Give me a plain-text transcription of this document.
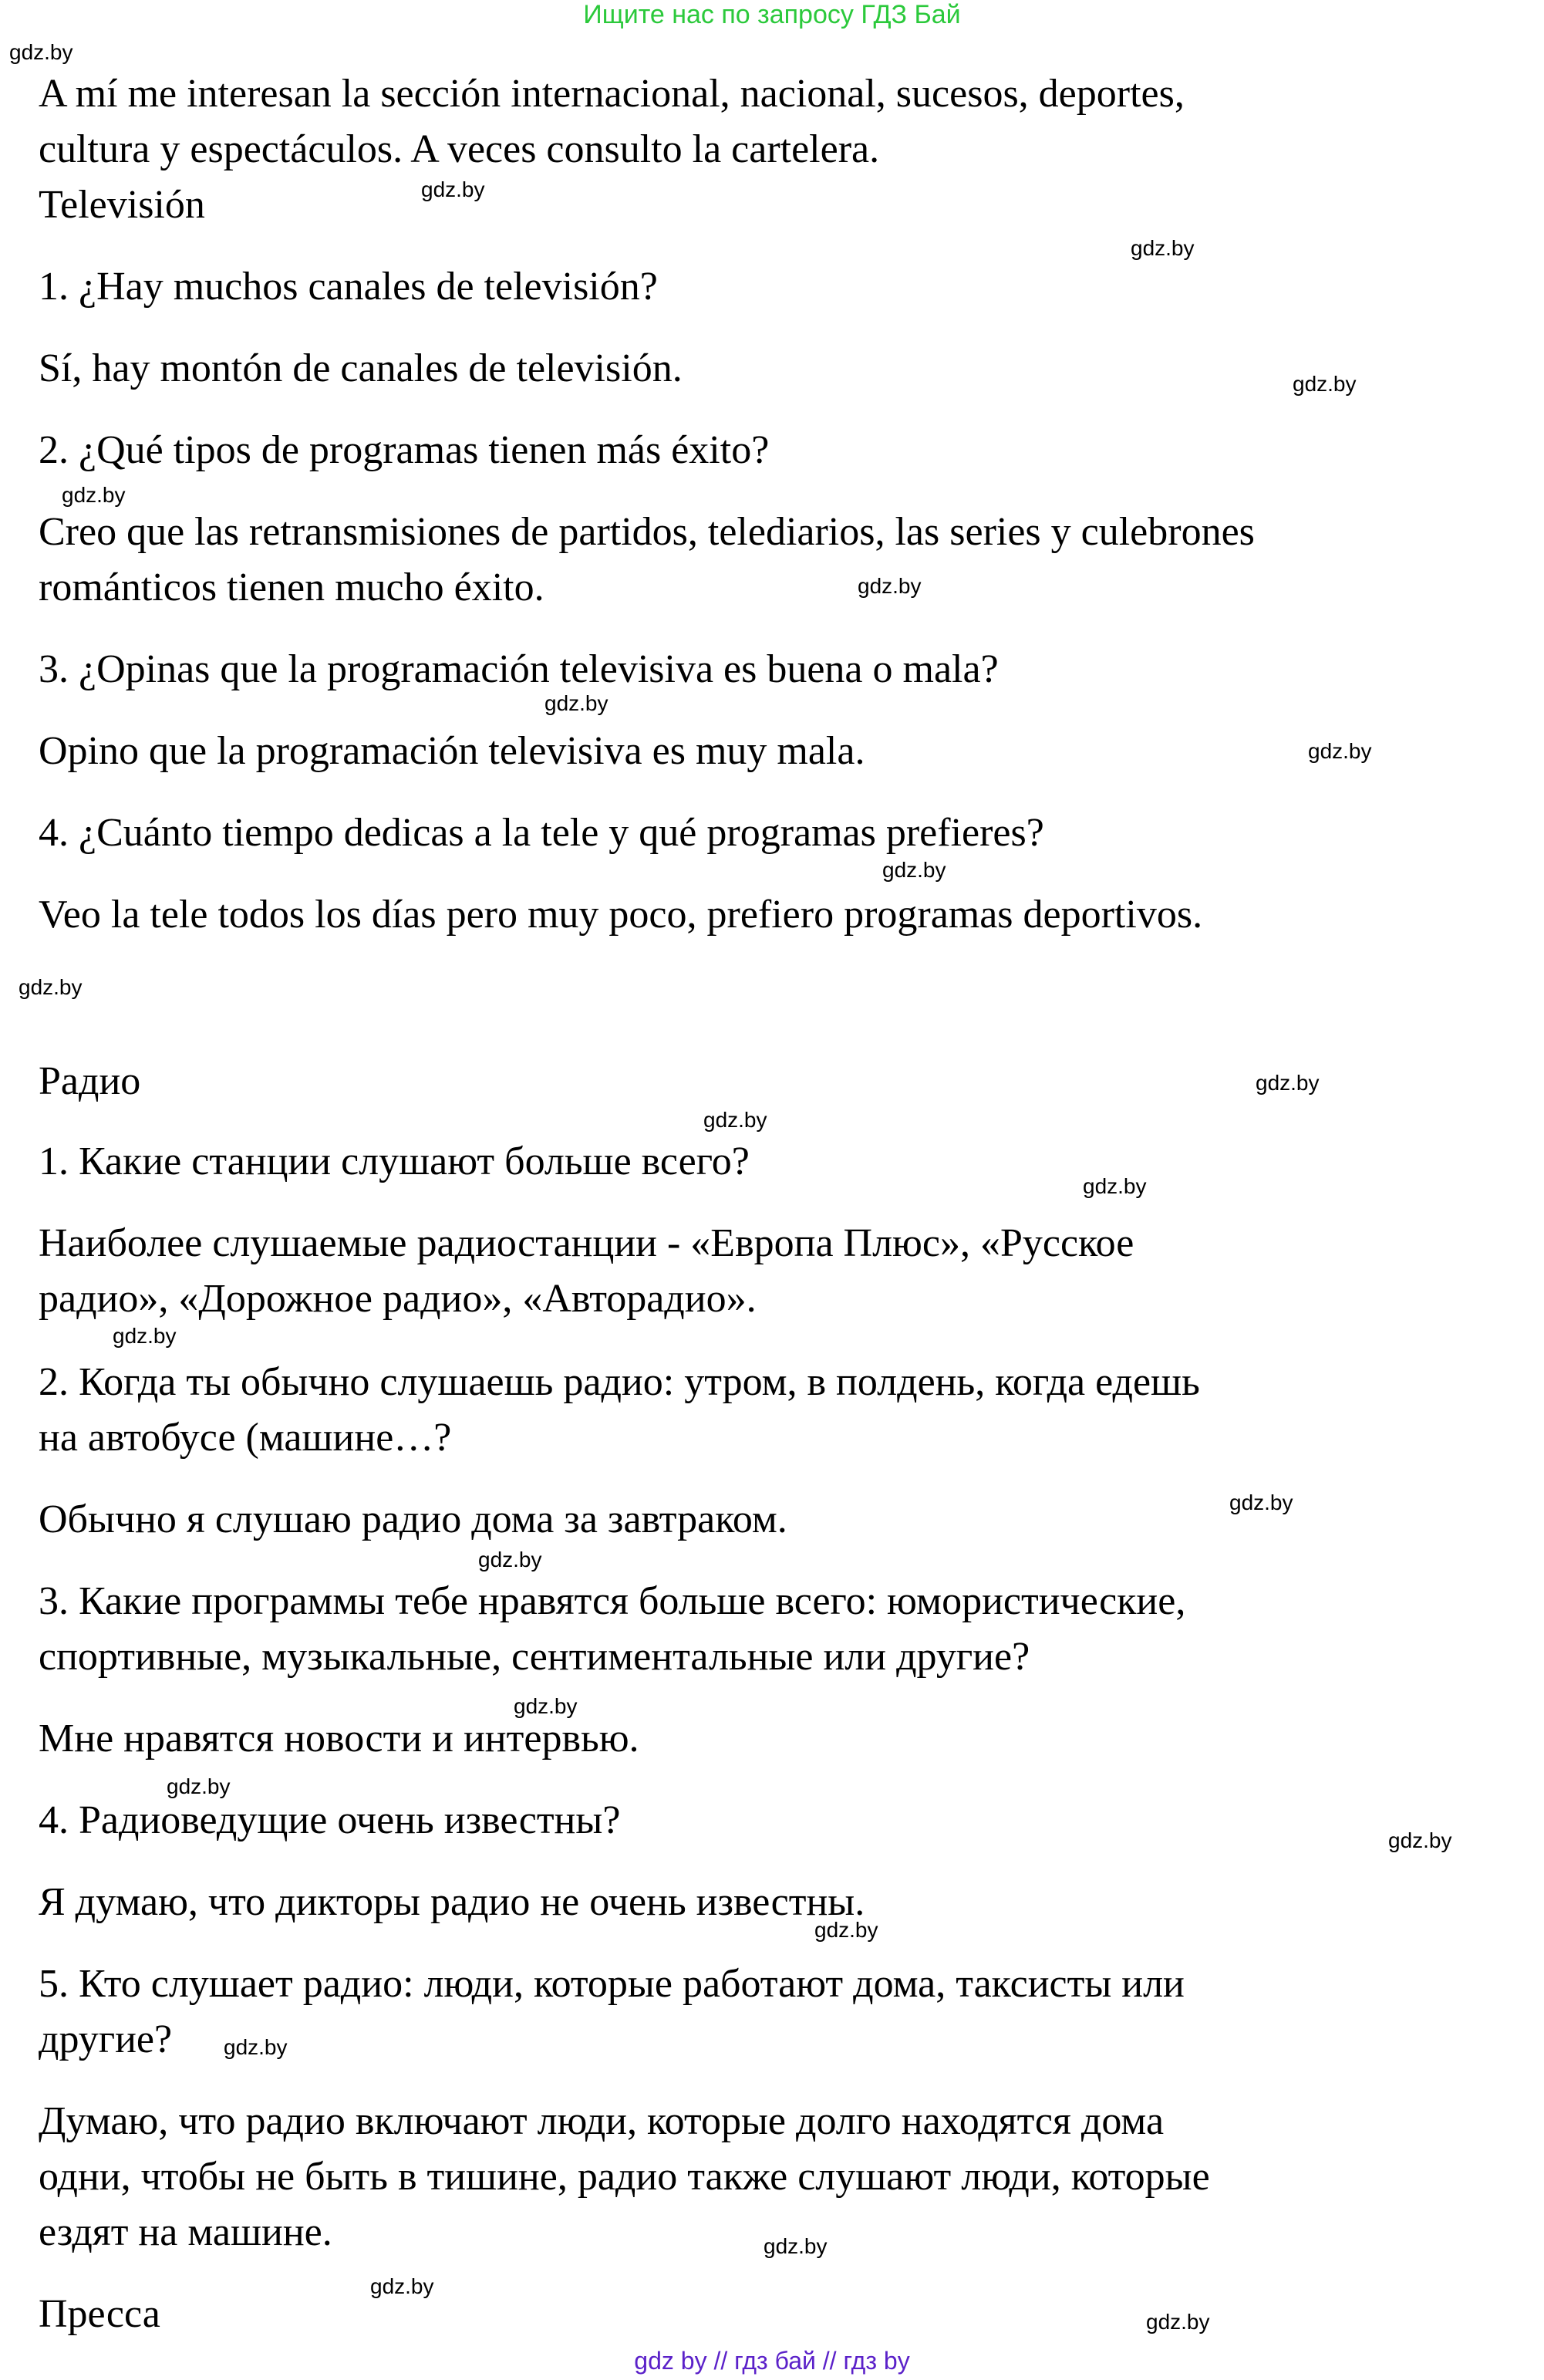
Ищите нас по запросу ГДЗ Бай
A mí me interesan la sección internacional, nacional, sucesos, deportes,
cultura y espectáculos. A veces consulto la cartelera.
Televisión
1. ¿Hay muchos canales de televisión?
Sí, hay montón de canales de televisión.
2. ¿Qué tipos de programas tienen más éxito?
Creo que las retransmisiones de partidos, telediarios, las series y culebrones
románticos tienen mucho éxito.
3. ¿Opinas que la programación televisiva es buena o mala?
Opino que la programación televisiva es muy mala.
4. ¿Cuánto tiempo dedicas a la tele y qué programas prefieres?
Veo la tele todos los días pero muy poco, prefiero programas deportivos.
Радио
1. Какие станции слушают больше всего?
Наиболее слушаемые радиостанции - «Европа Плюс», «Русское
радио», «Дорожное радио», «Авторадио».
2. Когда ты обычно слушаешь радио: утром, в полдень, когда едешь
на автобусе (машине…?
Обычно я слушаю радио дома за завтраком.
3. Какие программы тебе нравятся больше всего: юмористические,
спортивные, музыкальные, сентиментальные или другие?
Мне нравятся новости и интервью.
4. Радиоведущие очень известны?
Я думаю, что дикторы радио не очень известны.
5. Кто слушает радио: люди, которые работают дома, таксисты или
другие?
Думаю, что радио включают люди, которые долго находятся дома
одни, чтобы не быть в тишине, радио также слушают люди, которые
ездят на машине.
Пресса
gdz.by
gdz.by
gdz.by
gdz.by
gdz.by
gdz.by
gdz.by
gdz.by
gdz.by
gdz.by
gdz.by
gdz.by
gdz.by
gdz.by
gdz.by
gdz.by
gdz.by
gdz.by
gdz.by
gdz.by
gdz.by
gdz.by
gdz.by
gdz.by
gdz by // гдз бай // гдз by
